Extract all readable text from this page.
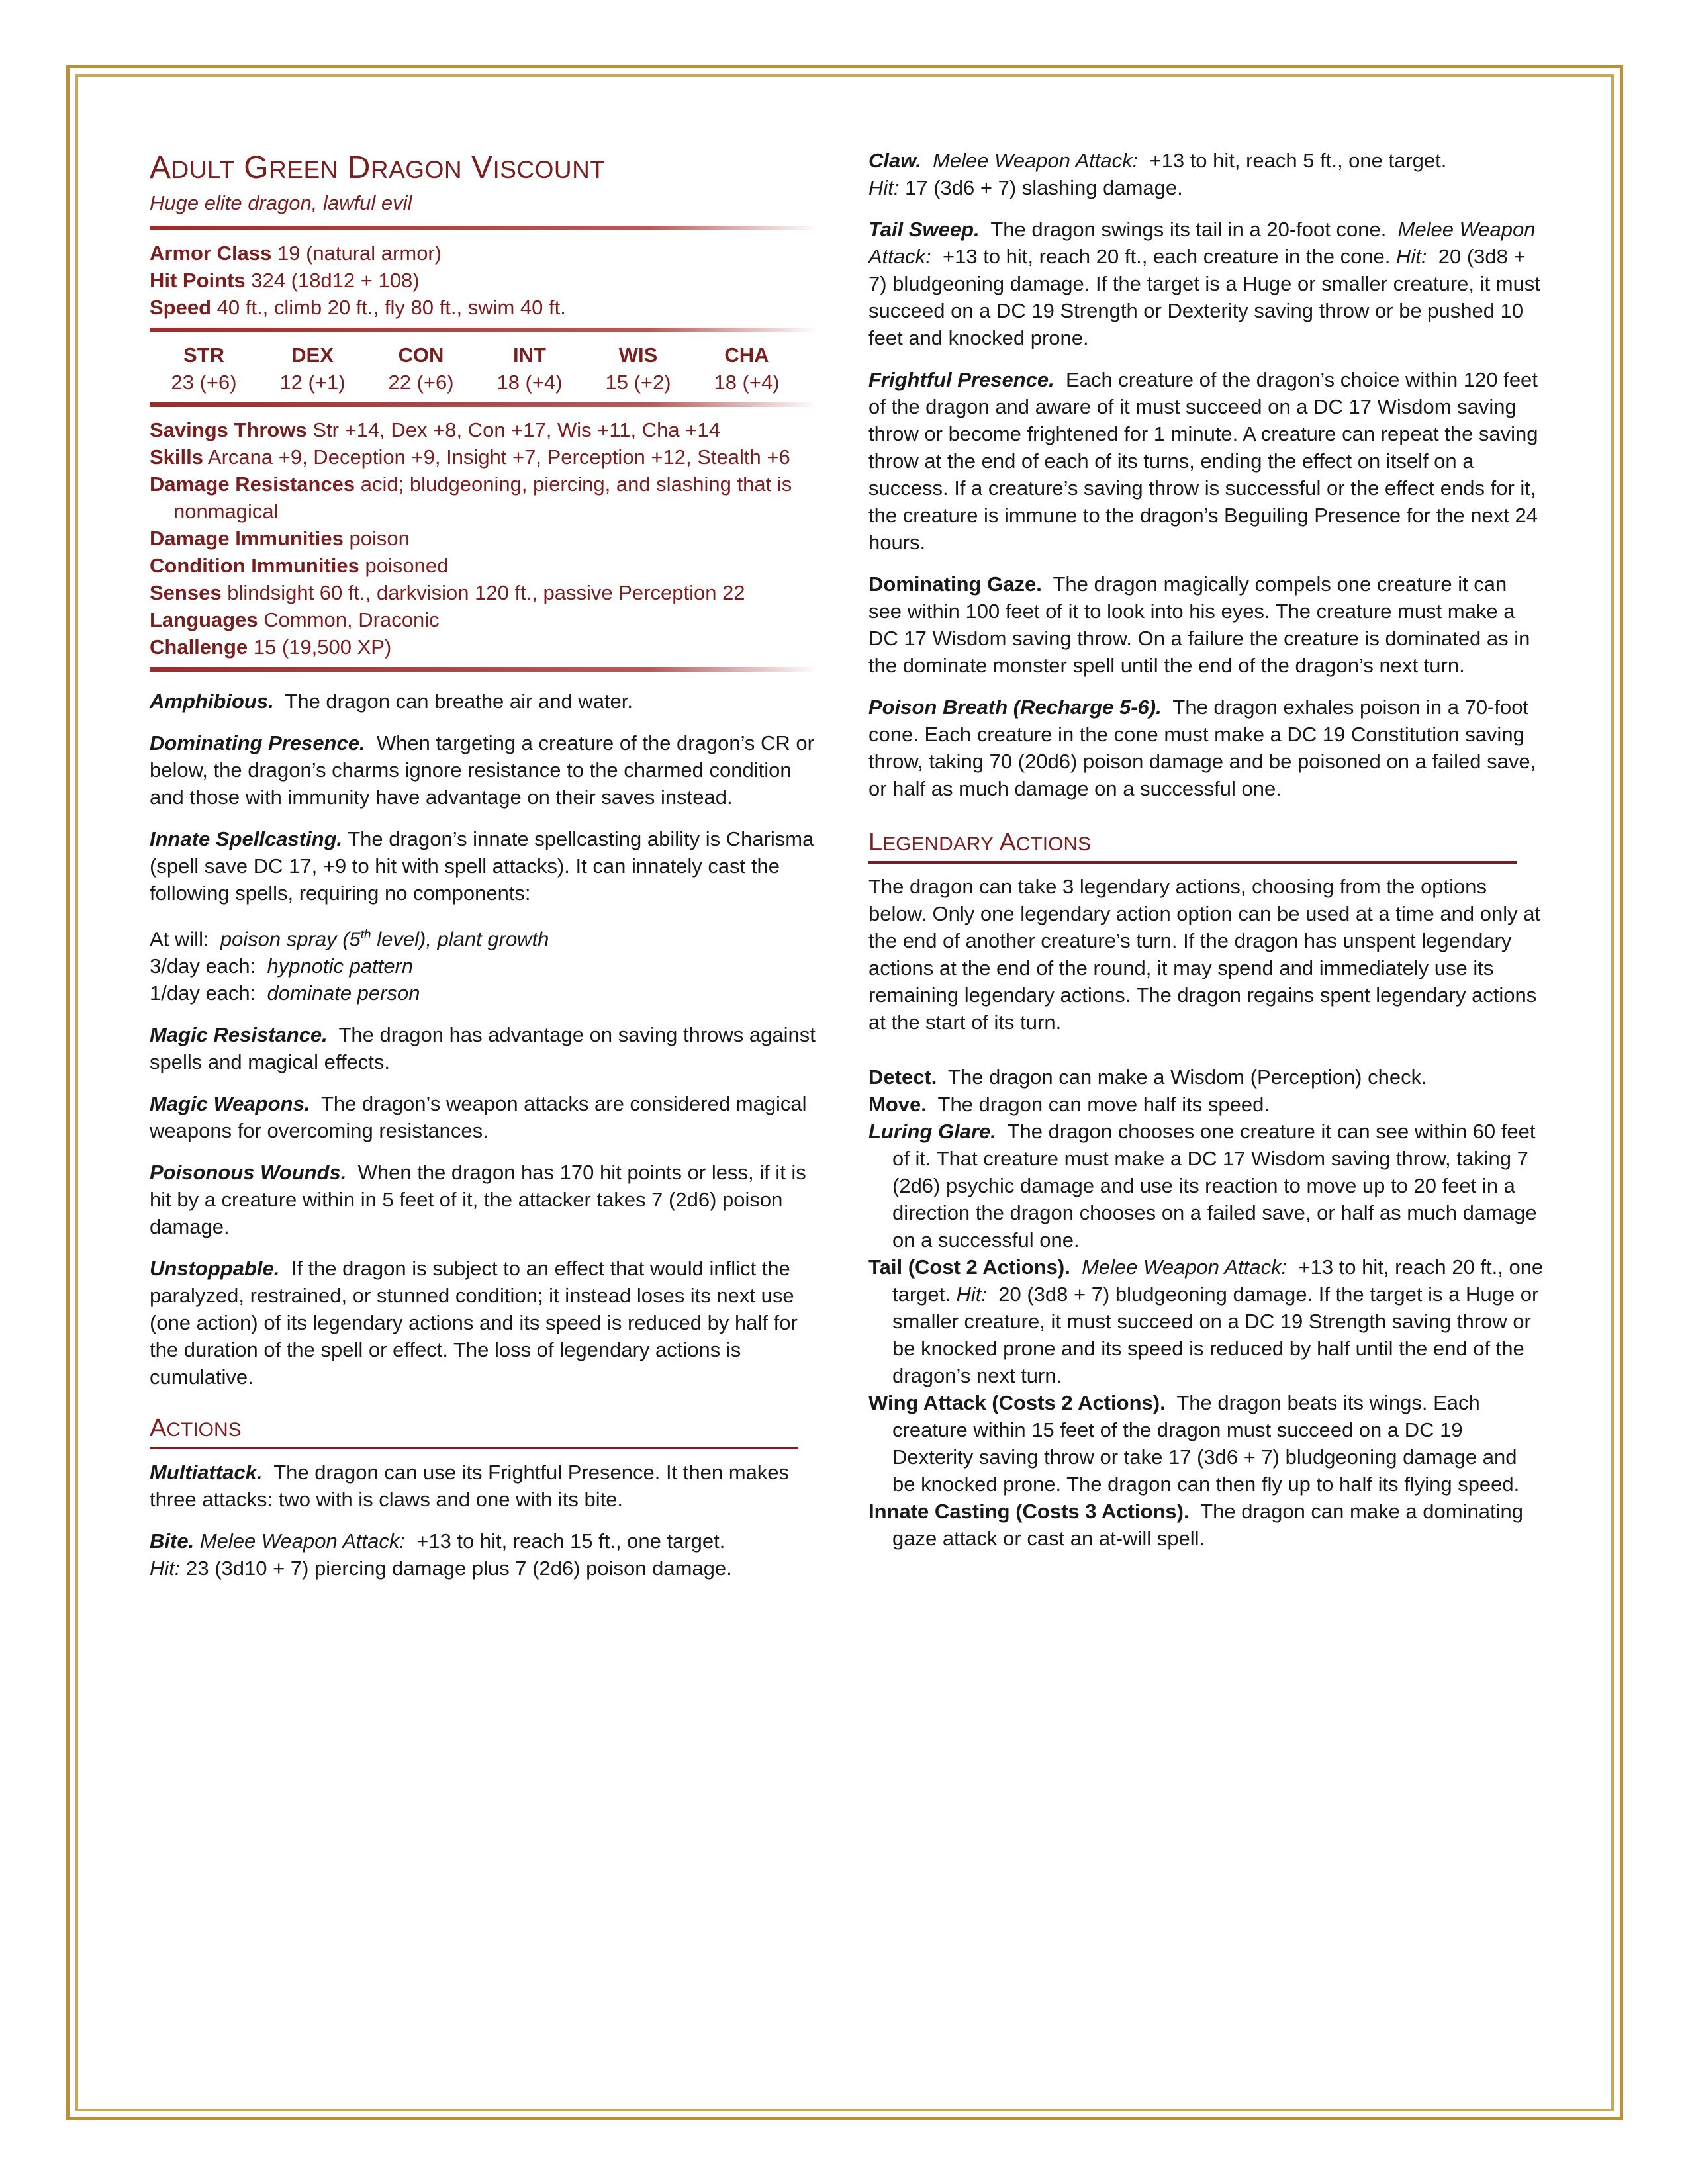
ADULT GREEN DRAGON VISCOUNT

Huge elite dragon, lawful evil

Armor Class 19 (natural armor)

Hit Points 324 (18d12 + 108)

Speed 40 ft., climb 20 ft., fly 80 ft., swim 40 ft.

STR	DEX	CON	INT	WIS	CHA
23 (+6)	12 (+1)	22 (+6)	18 (+4)	15 (+2)	18 (+4)

Savings Throws Str +14, Dex +8, Con +17, Wis +11, Cha +14

Skills Arcana +9, Deception +9, Insight +7, Perception +12, Stealth +6

Damage Resistances acid; bludgeoning, piercing, and slashing that is nonmagical

Damage Immunities poison

Condition Immunities poisoned

Senses blindsight 60 ft., darkvision 120 ft., passive Perception 22

Languages Common, Draconic

Challenge 15 (19,500 XP)

Amphibious. The dragon can breathe air and water.

Dominating Presence. When targeting a creature of the dragon’s CR or below, the dragon’s charms ignore resistance to the charmed condition and those with immunity have advantage on their saves instead.

Innate Spellcasting. The dragon’s innate spellcasting ability is Charisma (spell save DC 17, +9 to hit with spell attacks). It can innately cast the following spells, requiring no components:

At will: poison spray (5th level), plant growth

3/day each: hypnotic pattern

1/day each: dominate person

Magic Resistance. The dragon has advantage on saving throws against spells and magical effects.

Magic Weapons. The dragon’s weapon attacks are considered magical weapons for overcoming resistances.

Poisonous Wounds. When the dragon has 170 hit points or less, if it is hit by a creature within in 5 feet of it, the attacker takes 7 (2d6) poison damage.

Unstoppable. If the dragon is subject to an effect that would inflict the paralyzed, restrained, or stunned condition; it instead loses its next use (one action) of its legendary actions and its speed is reduced by half for the duration of the spell or effect. The loss of legendary actions is cumulative.

ACTIONS

Multiattack. The dragon can use its Frightful Presence. It then makes three attacks: two with is claws and one with its bite.

Bite. Melee Weapon Attack: +13 to hit, reach 15 ft., one target.
Hit: 23 (3d10 + 7) piercing damage plus 7 (2d6) poison damage.

Claw. Melee Weapon Attack: +13 to hit, reach 5 ft., one target.
Hit: 17 (3d6 + 7) slashing damage.

Tail Sweep. The dragon swings its tail in a 20-foot cone. Melee Weapon Attack: +13 to hit, reach 20 ft., each creature in the cone. Hit: 20 (3d8 + 7) bludgeoning damage. If the target is a Huge or smaller creature, it must succeed on a DC 19 Strength or Dexterity saving throw or be pushed 10 feet and knocked prone.

Frightful Presence. Each creature of the dragon’s choice within 120 feet of the dragon and aware of it must succeed on a DC 17 Wisdom saving throw or become frightened for 1 minute. A creature can repeat the saving throw at the end of each of its turns, ending the effect on itself on a success. If a creature’s saving throw is successful or the effect ends for it, the creature is immune to the dragon’s Beguiling Presence for the next 24 hours.

Dominating Gaze. The dragon magically compels one creature it can see within 100 feet of it to look into his eyes. The creature must make a DC 17 Wisdom saving throw. On a failure the creature is dominated as in the dominate monster spell until the end of the dragon’s next turn.

Poison Breath (Recharge 5-6). The dragon exhales poison in a 70-foot cone. Each creature in the cone must make a DC 19 Constitution saving throw, taking 70 (20d6) poison damage and be poisoned on a failed save, or half as much damage on a successful one.

LEGENDARY ACTIONS

The dragon can take 3 legendary actions, choosing from the options below. Only one legendary action option can be used at a time and only at the end of another creature’s turn. If the dragon has unspent legendary actions at the end of the round, it may spend and immediately use its remaining legendary actions. The dragon regains spent legendary actions at the start of its turn.

Detect. The dragon can make a Wisdom (Perception) check.

Move. The dragon can move half its speed.

Luring Glare. The dragon chooses one creature it can see within 60 feet of it. That creature must make a DC 17 Wisdom saving throw, taking 7 (2d6) psychic damage and use its reaction to move up to 20 feet in a direction the dragon chooses on a failed save, or half as much damage on a successful one.

Tail (Cost 2 Actions). Melee Weapon Attack: +13 to hit, reach 20 ft., one target. Hit: 20 (3d8 + 7) bludgeoning damage. If the target is a Huge or smaller creature, it must succeed on a DC 19 Strength saving throw or be knocked prone and its speed is reduced by half until the end of the dragon’s next turn.

Wing Attack (Costs 2 Actions). The dragon beats its wings. Each creature within 15 feet of the dragon must succeed on a DC 19 Dexterity saving throw or take 17 (3d6 + 7) bludgeoning damage and be knocked prone. The dragon can then fly up to half its flying speed.

Innate Casting (Costs 3 Actions). The dragon can make a dominating gaze attack or cast an at-will spell.
